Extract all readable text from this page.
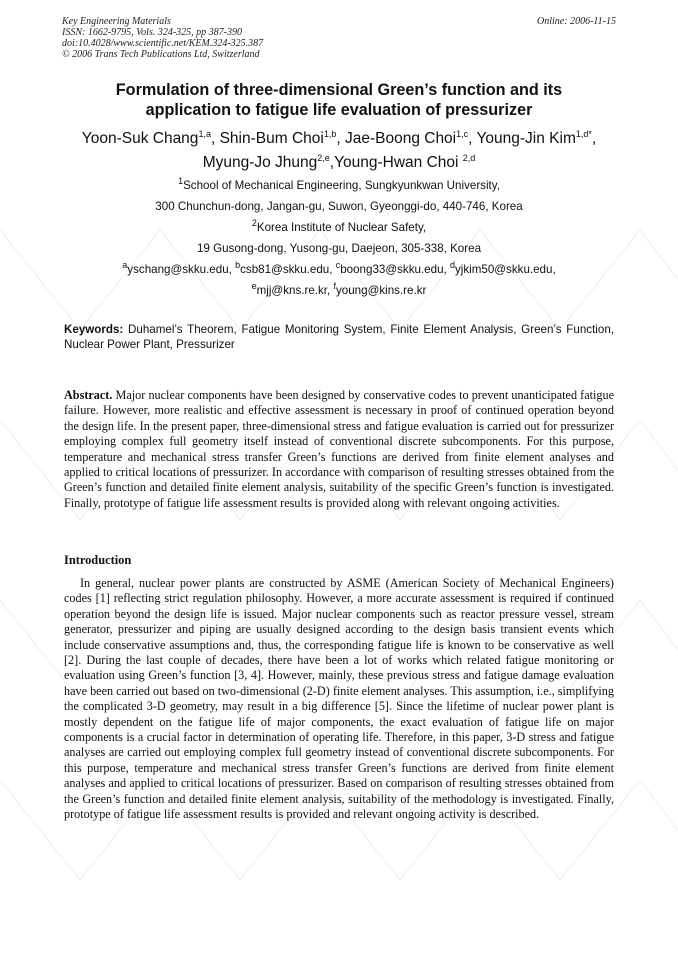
Key Engineering Materials
ISSN: 1662-9795, Vols. 324-325, pp 387-390
doi:10.4028/www.scientific.net/KEM.324-325.387
© 2006 Trans Tech Publications Ltd, Switzerland
Online: 2006-11-15
Formulation of three-dimensional Green’s function and its
application to fatigue life evaluation of pressurizer
Yoon-Suk Chang$^{1,a}$, Shin-Bum Choi$^{1,b}$, Jae-Boong Choi$^{1,c}$, Young-Jin Kim$^{1,d*}$,
Myung-Jo Jhung$^{2,e}$,Young-Hwan Choi $^{2,d}$
$^1$School of Mechanical Engineering, Sungkyunkwan University,
300 Chunchun-dong, Jangan-gu, Suwon, Gyeonggi-do, 440-746, Korea
$^2$Korea Institute of Nuclear Safety,
19 Gusong-dong, Yusong-gu, Daejeon, 305-338, Korea
$^a$yschang@skku.edu, $^b$csb81@skku.edu, $^c$boong33@skku.edu, $^d$yjkim50@skku.edu,
$^e$mjj@kns.re.kr, $^f$young@kins.re.kr
Keywords: Duhamel’s Theorem, Fatigue Monitoring System, Finite Element Analysis, Green’s Function, Nuclear Power Plant, Pressurizer
Abstract. Major nuclear components have been designed by conservative codes to prevent unanticipated fatigue failure. However, more realistic and effective assessment is necessary in proof of continued operation beyond the design life. In the present paper, three-dimensional stress and fatigue evaluation is carried out for pressurizer employing complex full geometry itself instead of conventional discrete subcomponents. For this purpose, temperature and mechanical stress transfer Green’s functions are derived from finite element analyses and applied to critical locations of pressurizer. In accordance with comparison of resulting stresses obtained from the Green’s function and detailed finite element analysis, suitability of the specific Green’s function is investigated. Finally, prototype of fatigue life assessment results is provided along with relevant ongoing activities.
Introduction

In general, nuclear power plants are constructed by ASME (American Society of Mechanical Engineers) codes [1] reflecting strict regulation philosophy. However, a more accurate assessment is required if continued operation beyond the design life is issued. Major nuclear components such as reactor pressure vessel, stream generator, pressurizer and piping are usually designed according to the design basis transient events which include conservative assumptions and, thus, the corresponding fatigue life is known to be conservative as well [2]. During the last couple of decades, there have been a lot of works which related fatigue monitoring or evaluation using Green’s function [3, 4]. However, mainly, these previous stress and fatigue damage evaluation have been carried out based on two-dimensional (2-D) finite element analyses. This assumption, i.e., simplifying the complicated 3-D geometry, may result in a big difference [5]. Since the lifetime of nuclear power plant is mostly dependent on the fatigue life of major components, the exact evaluation of fatigue life on major components is a crucial factor in determination of operating life. Therefore, in this paper, 3-D stress and fatigue analyses are carried out employing complex full geometry instead of conventional discrete subcomponents. For this purpose, temperature and mechanical stress transfer Green’s functions are derived from finite element analyses and applied to critical locations of pressurizer. Based on comparison of resulting stresses obtained from the Green’s function and detailed finite element analysis, suitability of the methodology is investigated. Finally, prototype of fatigue life assessment results is provided and relevant ongoing activity is described.
